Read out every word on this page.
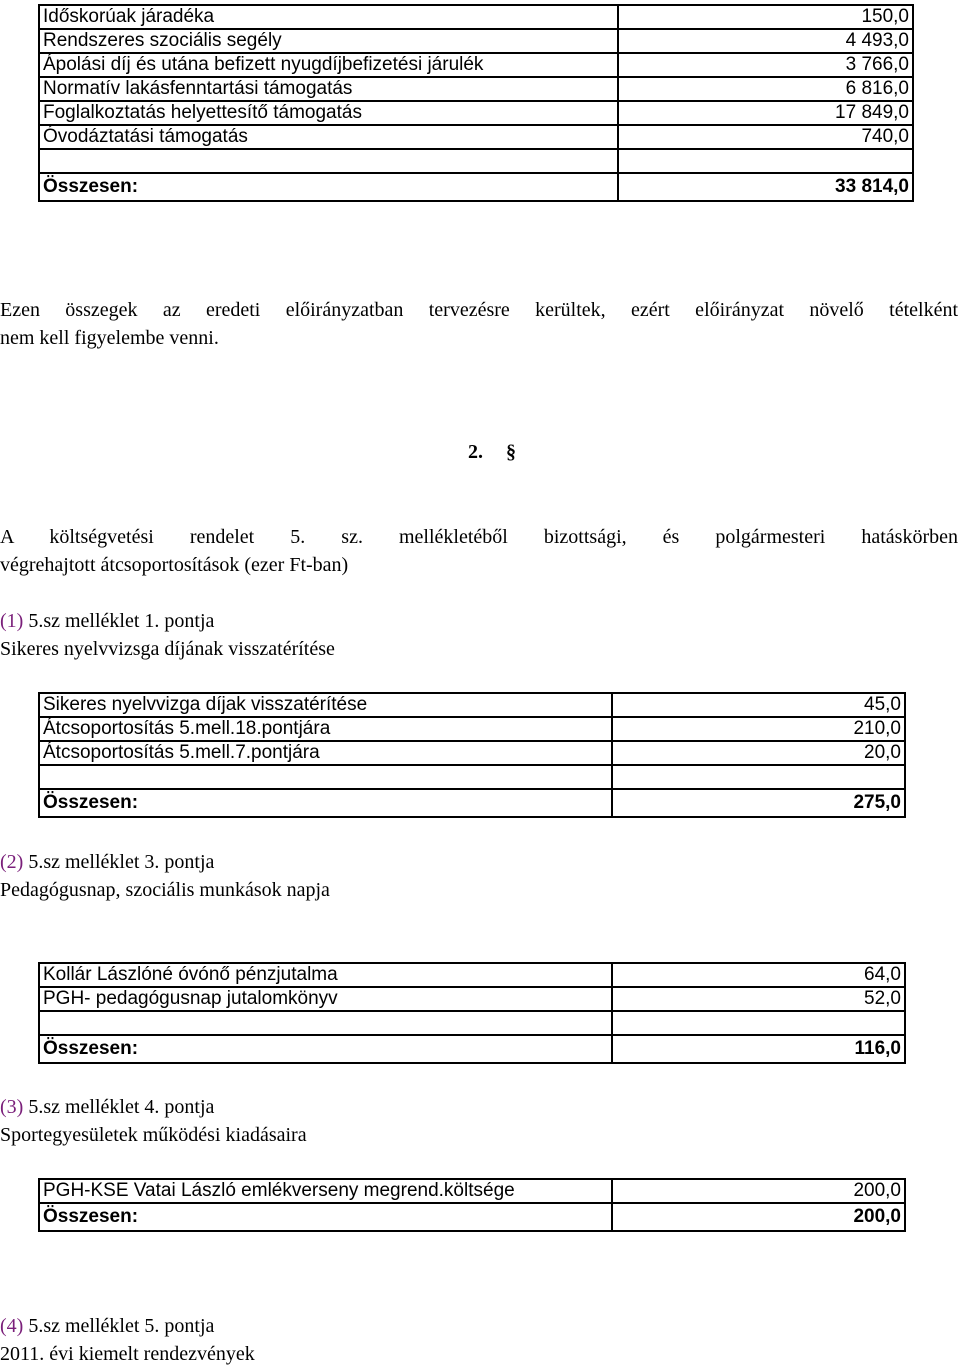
Időskorúak járadéka	150,0
Rendszeres szociális segély	4 493,0
Ápolási díj és utána befizett nyugdíjbefizetési járulék	3 766,0
Normatív lakásfenntartási támogatás	6 816,0
Foglalkoztatás helyettesítő támogatás	17 849,0
Óvodáztatási támogatás	740,0

Összesen:	33 814,0
Ezen összegek az eredeti előirányzatban tervezésre kerültek, ezért előirányzat növelő tételként
nem kell figyelembe venni.
2. §
A költségvetési rendelet 5. sz. mellékletéből bizottsági, és polgármesteri hatáskörben
végrehajtott átcsoportosítások (ezer Ft-ban)
(1) 5.sz melléklet 1. pontja
Sikeres nyelvvizsga díjának visszatérítése
Sikeres nyelvvizga díjak visszatérítése	45,0
Átcsoportosítás 5.mell.18.pontjára	210,0
Átcsoportosítás 5.mell.7.pontjára	20,0

Összesen:	275,0
(2) 5.sz melléklet 3. pontja
Pedagógusnap, szociális munkások napja
Kollár Lászlóné óvónő pénzjutalma	64,0
PGH- pedagógusnap jutalomkönyv	52,0

Összesen:	116,0
(3) 5.sz melléklet 4. pontja
Sportegyesületek működési kiadásaira
PGH-KSE Vatai László emlékverseny megrend.költsége	200,0
Összesen:	200,0
(4) 5.sz melléklet 5. pontja
2011. évi kiemelt rendezvények
